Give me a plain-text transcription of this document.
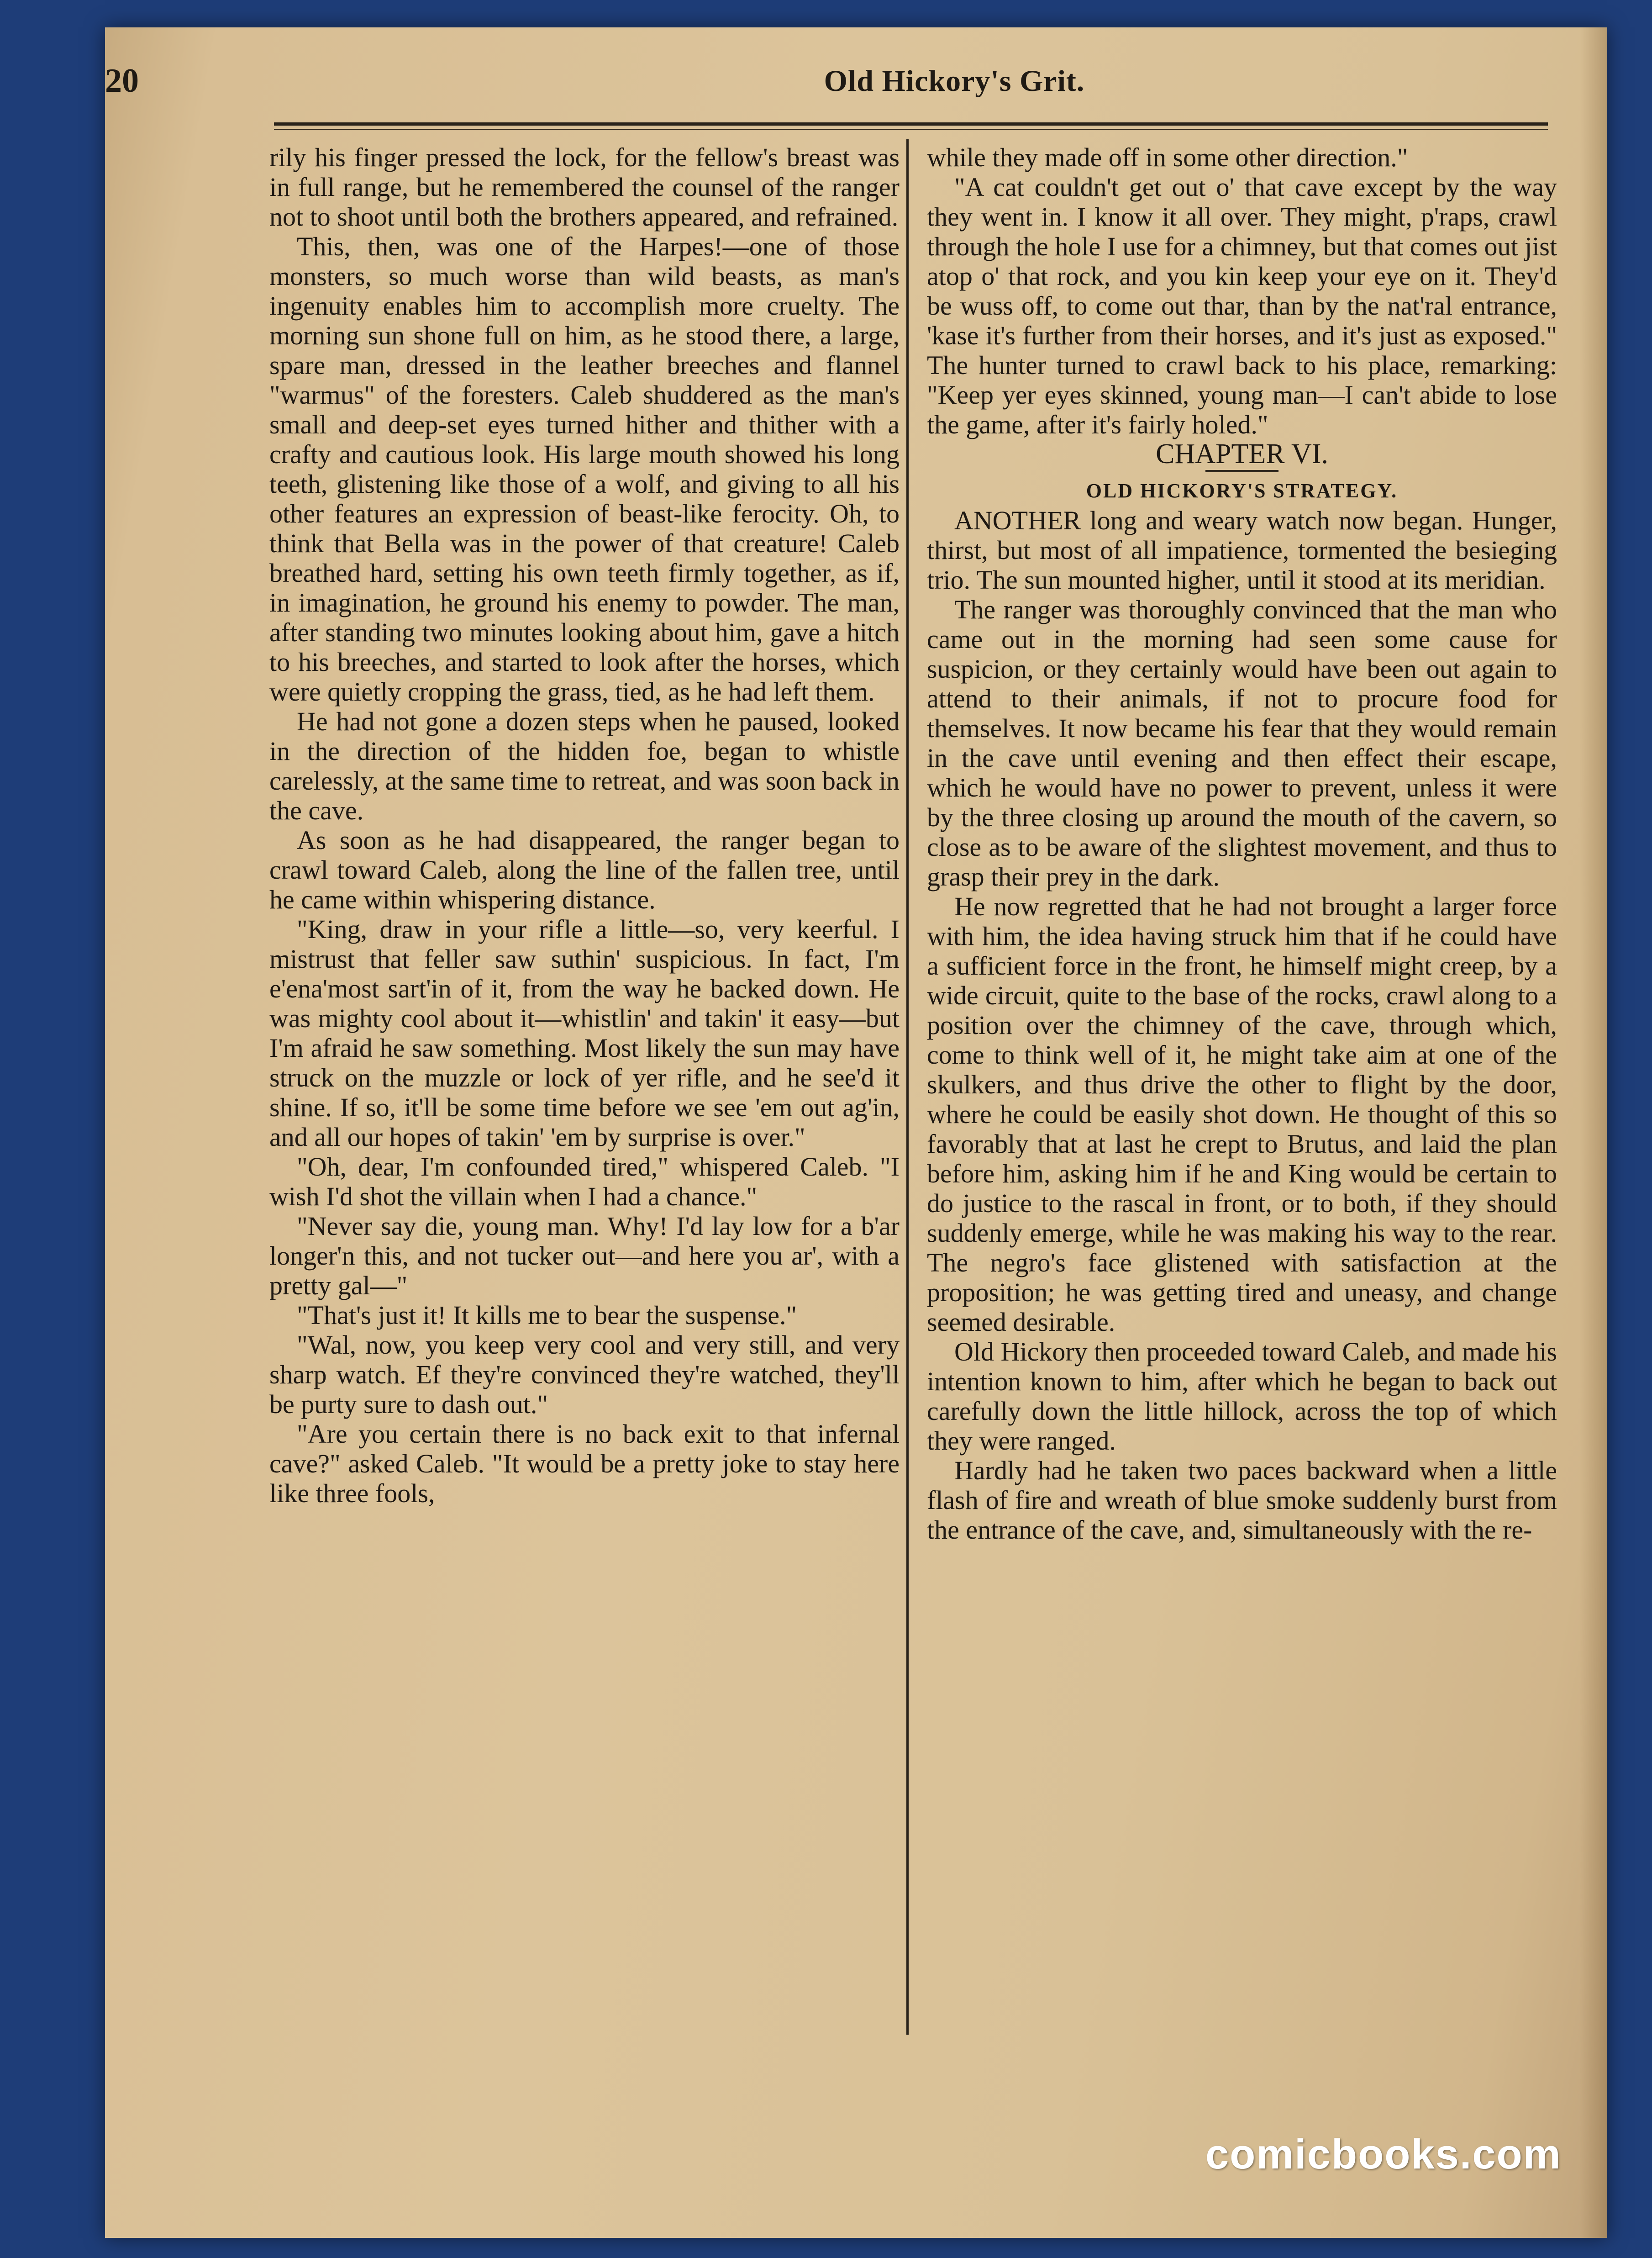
20	Old Hickory's Grit.

rily his finger pressed the lock, for the fellow's breast was in full range, but he remembered the counsel of the ranger not to shoot until both the brothers appeared, and refrained.

This, then, was one of the Harpes!—one of those monsters, so much worse than wild beasts, as man's ingenuity enables him to accomplish more cruelty. The morning sun shone full on him, as he stood there, a large, spare man, dressed in the leather breeches and flannel "warmus" of the foresters. Caleb shuddered as the man's small and deep-set eyes turned hither and thither with a crafty and cautious look. His large mouth showed his long teeth, glistening like those of a wolf, and giving to all his other features an expression of beast-like ferocity. Oh, to think that Bella was in the power of that creature! Caleb breathed hard, setting his own teeth firmly together, as if, in imagination, he ground his enemy to powder. The man, after standing two minutes looking about him, gave a hitch to his breeches, and started to look after the horses, which were quietly cropping the grass, tied, as he had left them.

He had not gone a dozen steps when he paused, looked in the direction of the hidden foe, began to whistle carelessly, at the same time to retreat, and was soon back in the cave.

As soon as he had disappeared, the ranger began to crawl toward Caleb, along the line of the fallen tree, until he came within whispering distance.

"King, draw in your rifle a little—so, very keerful. I mistrust that feller saw suthin' suspicious. In fact, I'm e'ena'most sart'in of it, from the way he backed down. He was mighty cool about it—whistlin' and takin' it easy—but I'm afraid he saw something. Most likely the sun may have struck on the muzzle or lock of yer rifle, and he see'd it shine. If so, it'll be some time before we see 'em out ag'in, and all our hopes of takin' 'em by surprise is over."

"Oh, dear, I'm confounded tired," whispered Caleb. "I wish I'd shot the villain when I had a chance."

"Never say die, young man. Why! I'd lay low for a b'ar longer'n this, and not tucker out—and here you ar', with a pretty gal—"

"That's just it! It kills me to bear the suspense."

"Wal, now, you keep very cool and very still, and very sharp watch. Ef they're convinced they're watched, they'll be purty sure to dash out."

"Are you certain there is no back exit to that infernal cave?" asked Caleb. "It would be a pretty joke to stay here like three fools,

while they made off in some other direction."

"A cat couldn't get out o' that cave except by the way they went in. I know it all over. They might, p'raps, crawl through the hole I use for a chimney, but that comes out jist atop o' that rock, and you kin keep your eye on it. They'd be wuss off, to come out thar, than by the nat'ral entrance, 'kase it's further from their horses, and it's just as exposed." The hunter turned to crawl back to his place, remarking: "Keep yer eyes skinned, young man—I can't abide to lose the game, after it's fairly holed."

CHAPTER VI.

OLD HICKORY'S STRATEGY.

ANOTHER long and weary watch now began. Hunger, thirst, but most of all impatience, tormented the besieging trio. The sun mounted higher, until it stood at its meridian.

The ranger was thoroughly convinced that the man who came out in the morning had seen some cause for suspicion, or they certainly would have been out again to attend to their animals, if not to procure food for themselves. It now became his fear that they would remain in the cave until evening and then effect their escape, which he would have no power to prevent, unless it were by the three closing up around the mouth of the cavern, so close as to be aware of the slightest movement, and thus to grasp their prey in the dark.

He now regretted that he had not brought a larger force with him, the idea having struck him that if he could have a sufficient force in the front, he himself might creep, by a wide circuit, quite to the base of the rocks, crawl along to a position over the chimney of the cave, through which, come to think well of it, he might take aim at one of the skulkers, and thus drive the other to flight by the door, where he could be easily shot down. He thought of this so favorably that at last he crept to Brutus, and laid the plan before him, asking him if he and King would be certain to do justice to the rascal in front, or to both, if they should suddenly emerge, while he was making his way to the rear. The negro's face glistened with satisfaction at the proposition; he was getting tired and uneasy, and change seemed desirable.

Old Hickory then proceeded toward Caleb, and made his intention known to him, after which he began to back out carefully down the little hillock, across the top of which they were ranged.

Hardly had he taken two paces backward when a little flash of fire and wreath of blue smoke suddenly burst from the entrance of the cave, and, simultaneously with the re-

comicbooks.com
